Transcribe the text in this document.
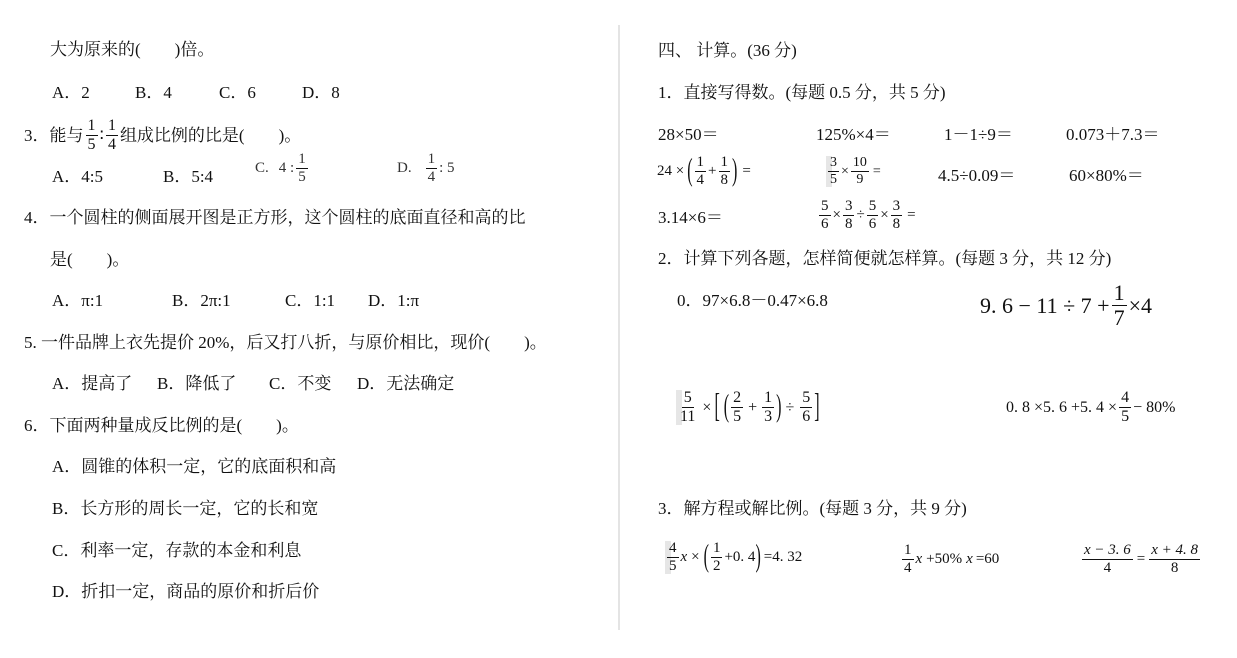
大为原来的(　　)倍。
A．2	B．4	C．6	D．8
3． 能与 $\frac{1}{5}$ ∶ $\frac{1}{4}$ 组成比例的比是(　　)。
A．4:5	B．5:4	C. 4 : $\frac{1}{5}$	D. $\frac{1}{4}$ : 5
4．一个圆柱的侧面展开图是正方形，这个圆柱的底面直径和高的比
是(　　)。
A．π:1	B．2π:1	C．1:1 D．1:π
5. 一件品牌上衣先提价 20%，后又打八折，与原价相比，现价(　　)。
A．提高了 B．降低了 C．不变 D．无法确定
6．下面两种量成反比例的是(　　)。
A．圆锥的体积一定，它的底面积和高
B．长方形的周长一定，它的长和宽
C．利率一定，存款的本金和利息
D．折扣一定，商品的原价和折后价
四、 计算。(36 分)
1．直接写得数。(每题 0.5 分，共 5 分)
28×50＝	125%×4＝	1－1÷9＝	0.073＋7.3＝
24 × ( $\frac{1}{4} + \frac{1}{8}$ ) =	$\frac{3}{5} \times \frac{10}{9}$ =	4.5÷0.09＝	60×80%＝
3.14×6＝	$\frac{5}{6} \times \frac{3}{8} \div \frac{5}{6} \times \frac{3}{8}$ =
2．计算下列各题，怎样简便就怎样算。(每题 3 分，共 12 分)
0．97×6.8－0.47×6.8	9. $6 - 11 \div 7 + \frac{1}{7} \times 4$
$\frac{5}{11}$ × [ ( $\frac{2}{5} + \frac{1}{3}$ ) ÷ $\frac{5}{6}$ ]	0. 8 ×5. 6 +5. $4 \times \frac{4}{5} - 80\%$
3．解方程或解比例。(每题 3 分，共 9 分)
$\frac{4}{5}$ x × ( $\frac{1}{2} +0$. 4 ) =4. 32	$\frac{1}{4}$ x +50% x =60	$\frac{x - 3. 6}{4} = \frac{x + 4. 8}{8}$
